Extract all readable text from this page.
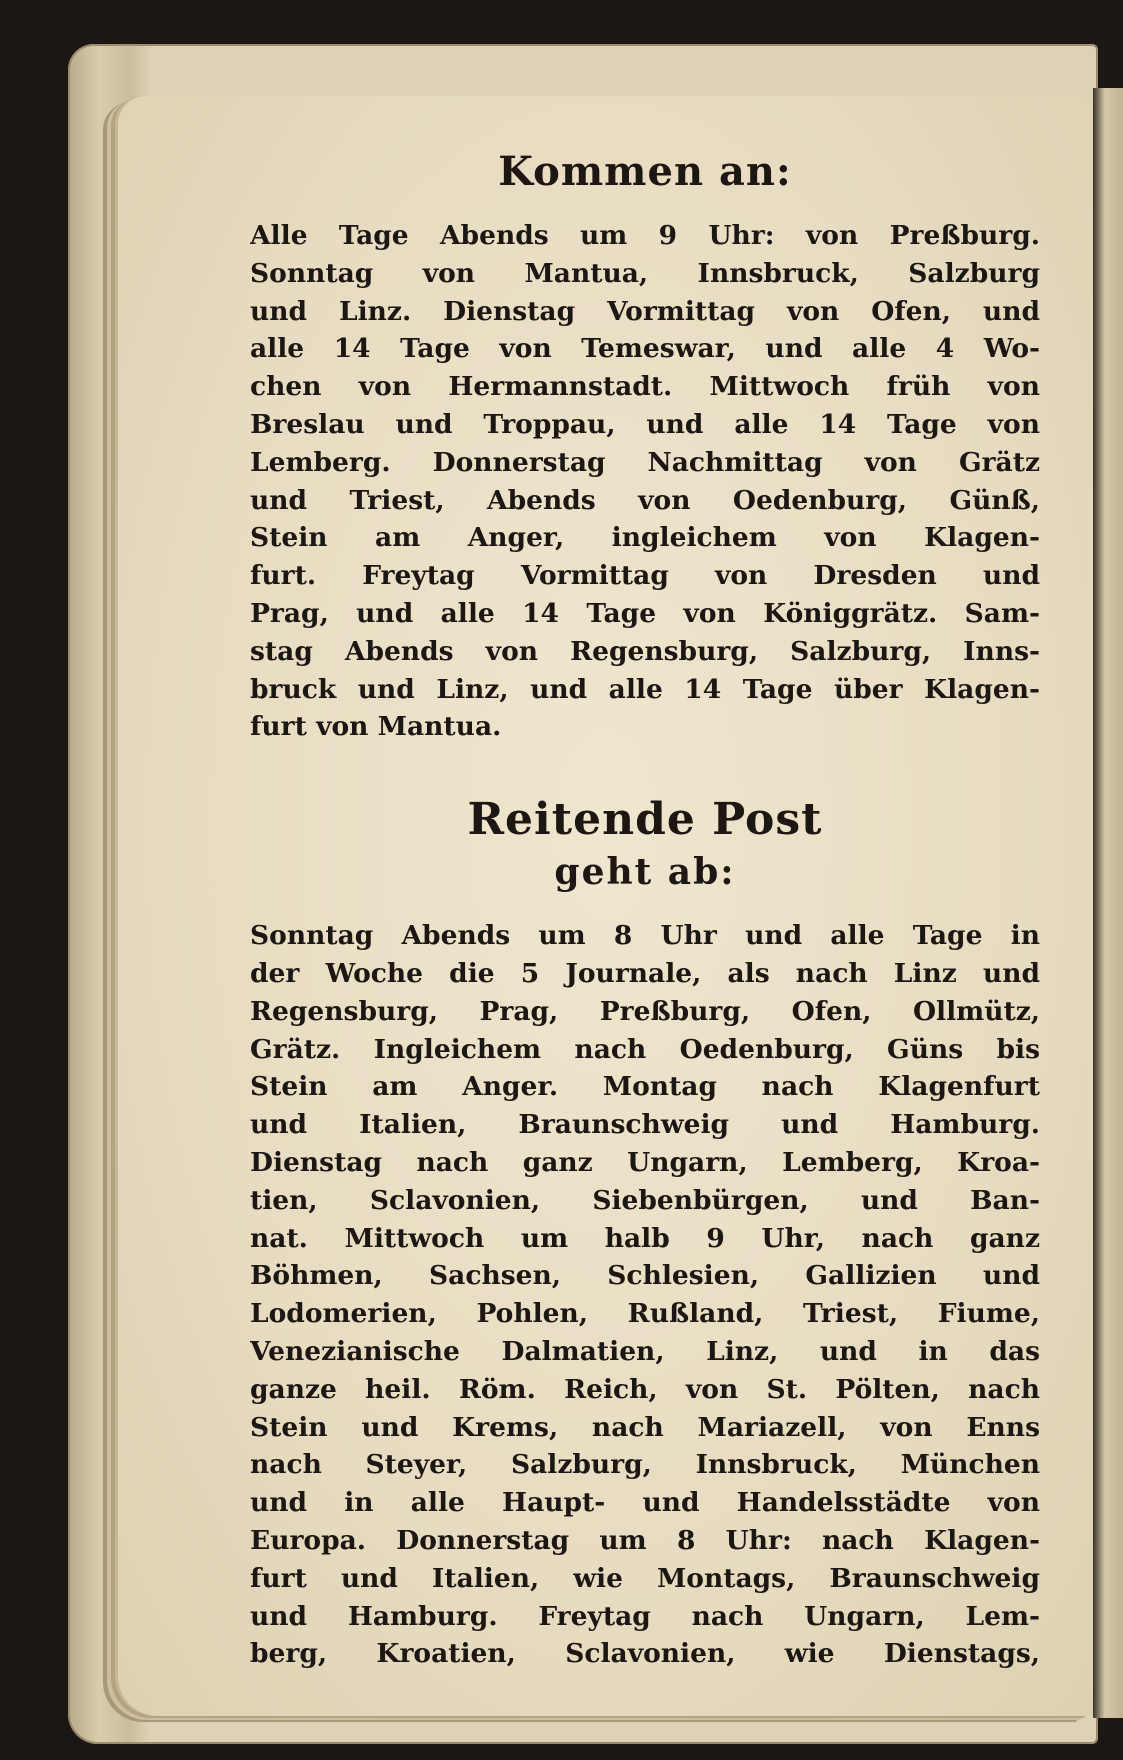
Kommen an:
Alle Tage Abends um 9 Uhr: von Preßburg.
Sonntag von Mantua, Innsbruck, Salzburg
und Linz. Dienstag Vormittag von Ofen, und
alle 14 Tage von Temeswar, und alle 4 Wo-
chen von Hermannstadt. Mittwoch früh von
Breslau und Troppau, und alle 14 Tage von
Lemberg. Donnerstag Nachmittag von Grätz
und Triest, Abends von Oedenburg, Günß,
Stein am Anger, ingleichem von Klagen-
furt. Freytag Vormittag von Dresden und
Prag, und alle 14 Tage von Königgrätz. Sam-
stag Abends von Regensburg, Salzburg, Inns-
bruck und Linz, und alle 14 Tage über Klagen-
furt von Mantua.
Reitende Post
geht ab:
Sonntag Abends um 8 Uhr und alle Tage in
der Woche die 5 Journale, als nach Linz und
Regensburg, Prag, Preßburg, Ofen, Ollmütz,
Grätz. Ingleichem nach Oedenburg, Güns bis
Stein am Anger. Montag nach Klagenfurt
und Italien, Braunschweig und Hamburg.
Dienstag nach ganz Ungarn, Lemberg, Kroa-
tien, Sclavonien, Siebenbürgen, und Ban-
nat. Mittwoch um halb 9 Uhr, nach ganz
Böhmen, Sachsen, Schlesien, Gallizien und
Lodomerien, Pohlen, Rußland, Triest, Fiume,
Venezianische Dalmatien, Linz, und in das
ganze heil. Röm. Reich, von St. Pölten, nach
Stein und Krems, nach Mariazell, von Enns
nach Steyer, Salzburg, Innsbruck, München
und in alle Haupt- und Handelsstädte von
Europa. Donnerstag um 8 Uhr: nach Klagen-
furt und Italien, wie Montags, Braunschweig
und Hamburg. Freytag nach Ungarn, Lem-
berg, Kroatien, Sclavonien, wie Dienstags,
